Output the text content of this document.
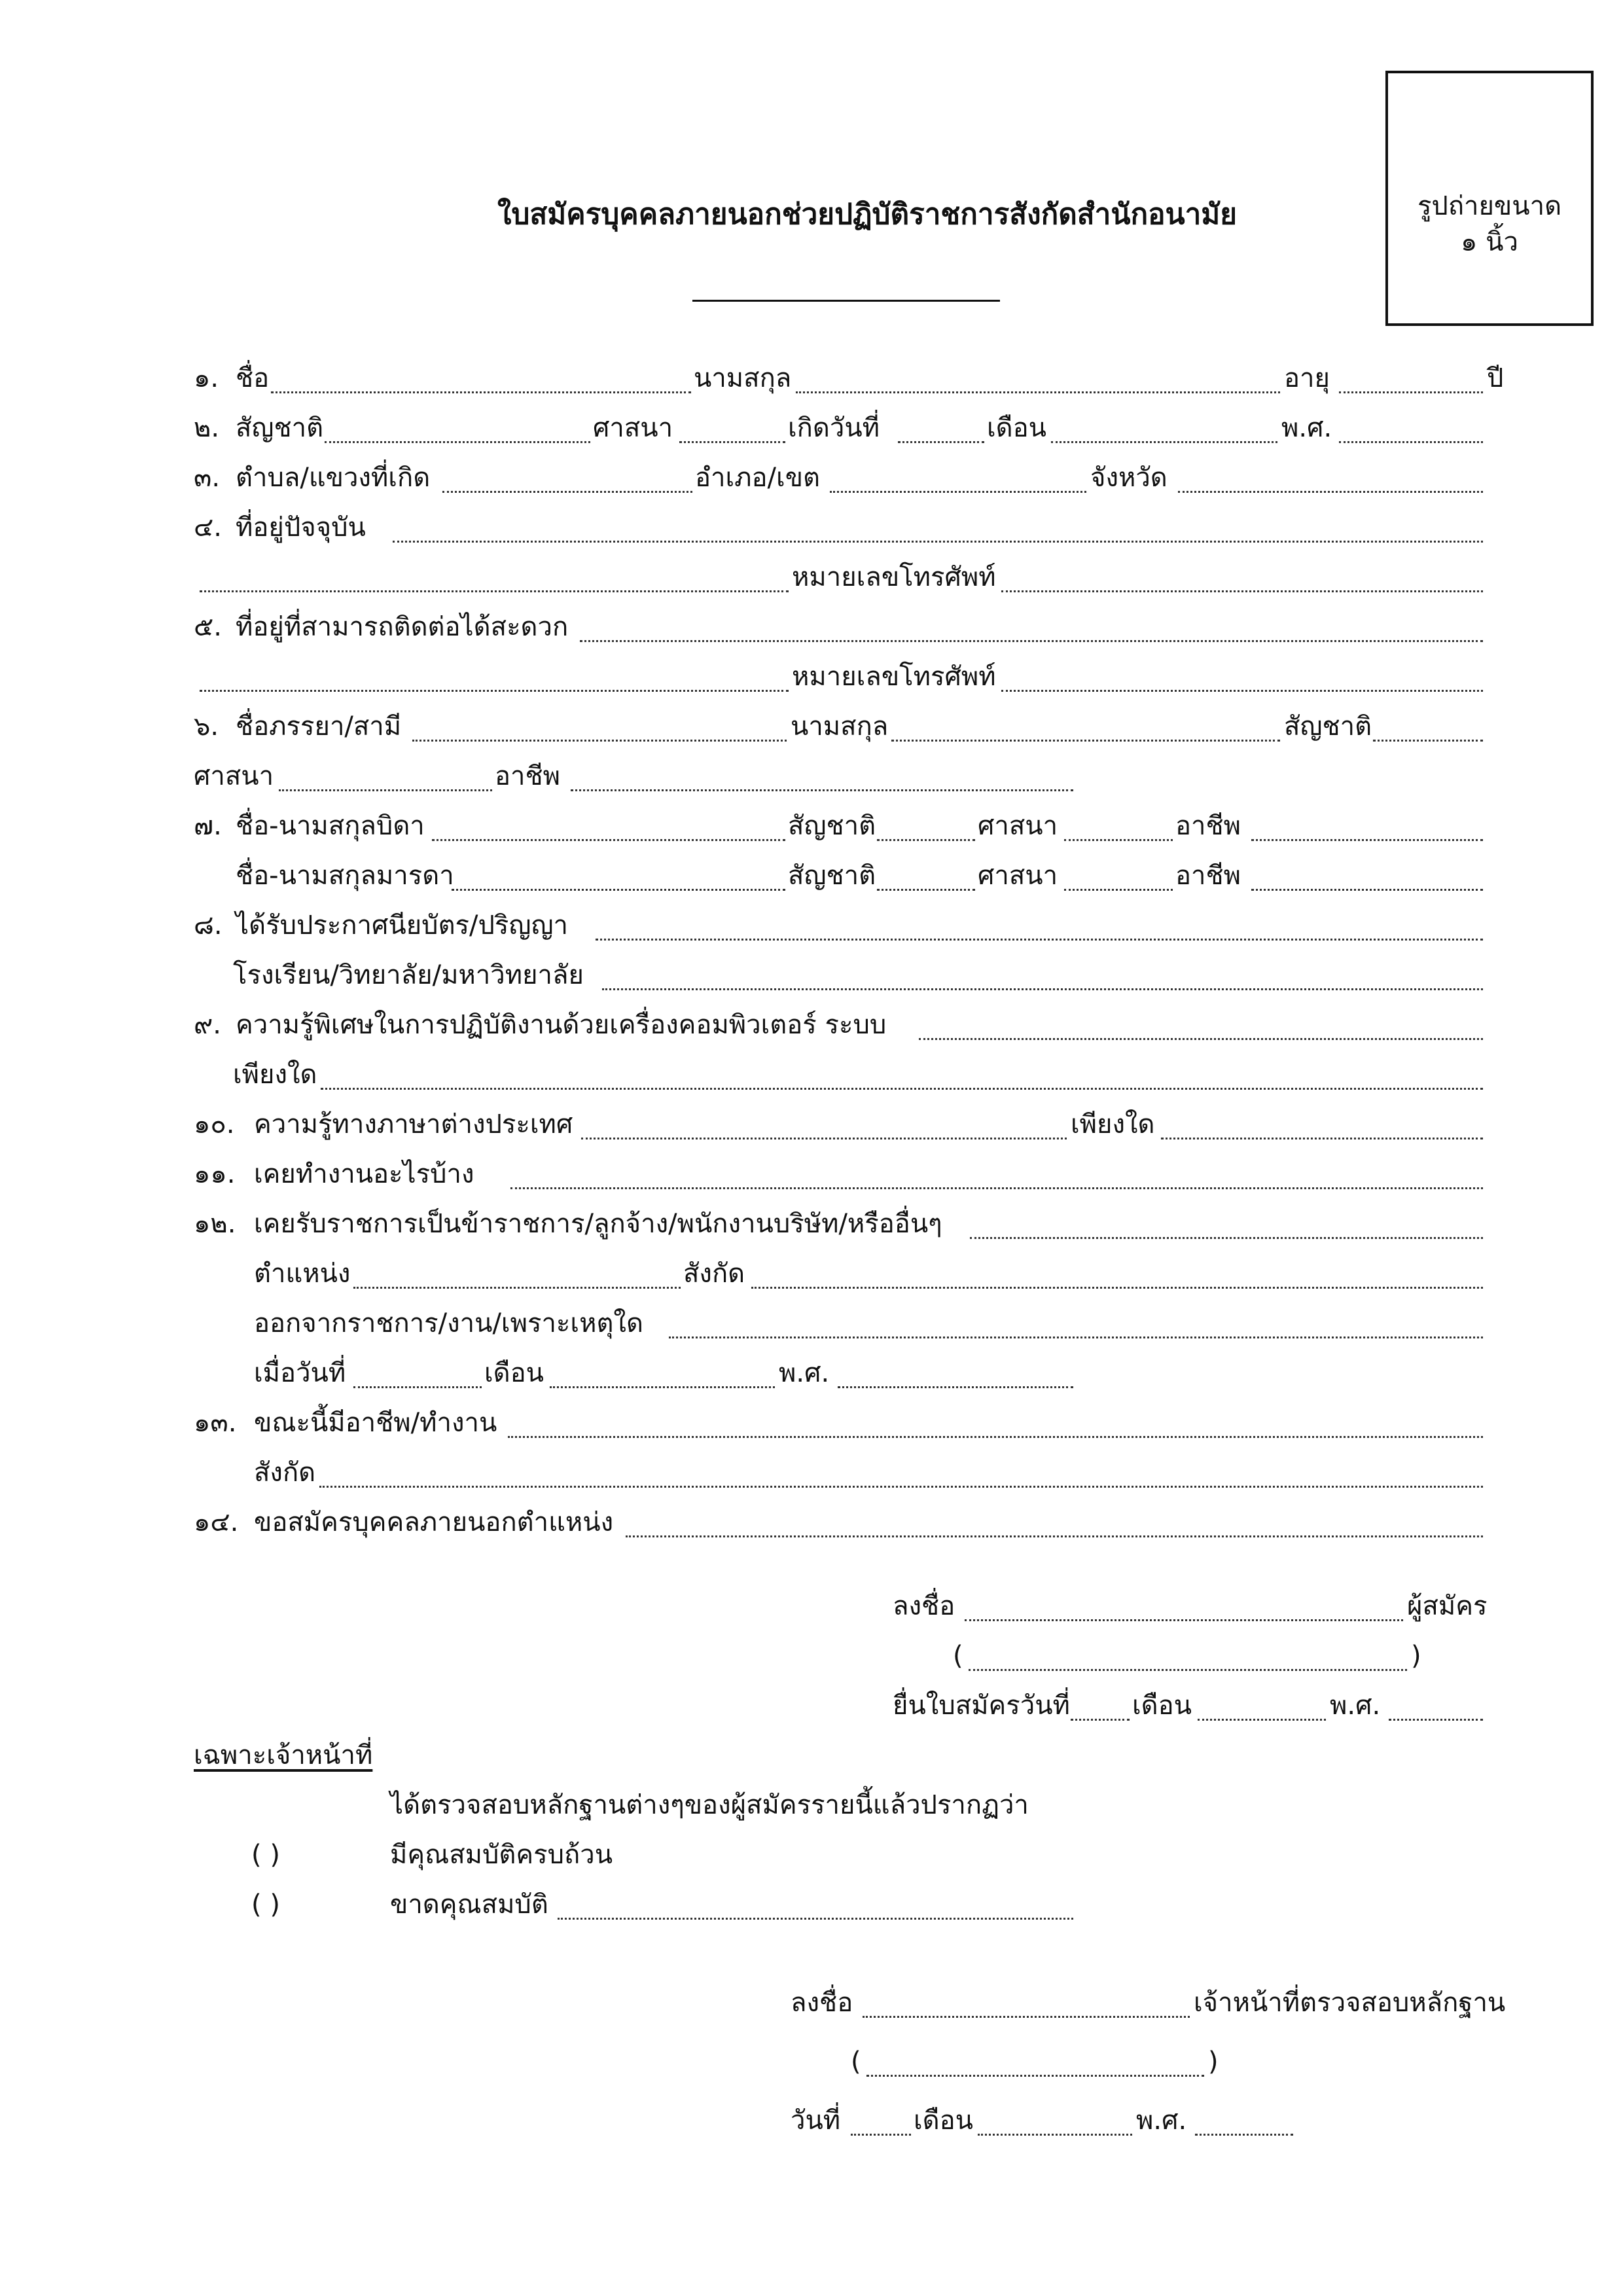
รูปถ่ายขนาด
๑ นิ้ว
ใบสมัครบุคคลภายนอกช่วยปฏิบัติราชการสังกัดสำนักอนามัย
๑. ชื่อ	นามสกุล	อายุ	ปี
๒. สัญชาติ	ศาสนา	เกิดวันที่	เดือน	พ.ศ.
๓. ตำบล/แขวงที่เกิด	อำเภอ/เขต	จังหวัด
๔. ที่อยู่ปัจจุบัน
หมายเลขโทรศัพท์
๕. ที่อยู่ที่สามารถติดต่อได้สะดวก
หมายเลขโทรศัพท์
๖. ชื่อภรรยา/สามี	นามสกุล	สัญชาติ
ศาสนา	อาชีพ
๗. ชื่อ-นามสกุลบิดา	สัญชาติ	ศาสนา	อาชีพ
ชื่อ-นามสกุลมารดา	สัญชาติ	ศาสนา	อาชีพ
๘. ได้รับประกาศนียบัตร/ปริญญา
โรงเรียน/วิทยาลัย/มหาวิทยาลัย
๙. ความรู้พิเศษในการปฏิบัติงานด้วยเครื่องคอมพิวเตอร์ ระบบ
เพียงใด
๑๐. ความรู้ทางภาษาต่างประเทศ	เพียงใด
๑๑. เคยทำงานอะไรบ้าง
๑๒. เคยรับราชการเป็นข้าราชการ/ลูกจ้าง/พนักงานบริษัท/หรืออื่นๆ
ตำแหน่ง	สังกัด
ออกจากราชการ/งาน/เพราะเหตุใด
เมื่อวันที่	เดือน	พ.ศ.
๑๓. ขณะนี้มีอาชีพ/ทำงาน
สังกัด
๑๔. ขอสมัครบุคคลภายนอกตำแหน่ง
ลงชื่อ	ผู้สมัคร
(	)
ยื่นใบสมัครวันที่ เดือน	พ.ศ.
เฉพาะเจ้าหน้าที่
ได้ตรวจสอบหลักฐานต่างๆของผู้สมัครรายนี้แล้วปรากฏว่า
( )	มีคุณสมบัติครบถ้วน
( )	ขาดคุณสมบัติ
ลงชื่อ	เจ้าหน้าที่ตรวจสอบหลักฐาน
(	)
วันที่	เดือน	พ.ศ.
